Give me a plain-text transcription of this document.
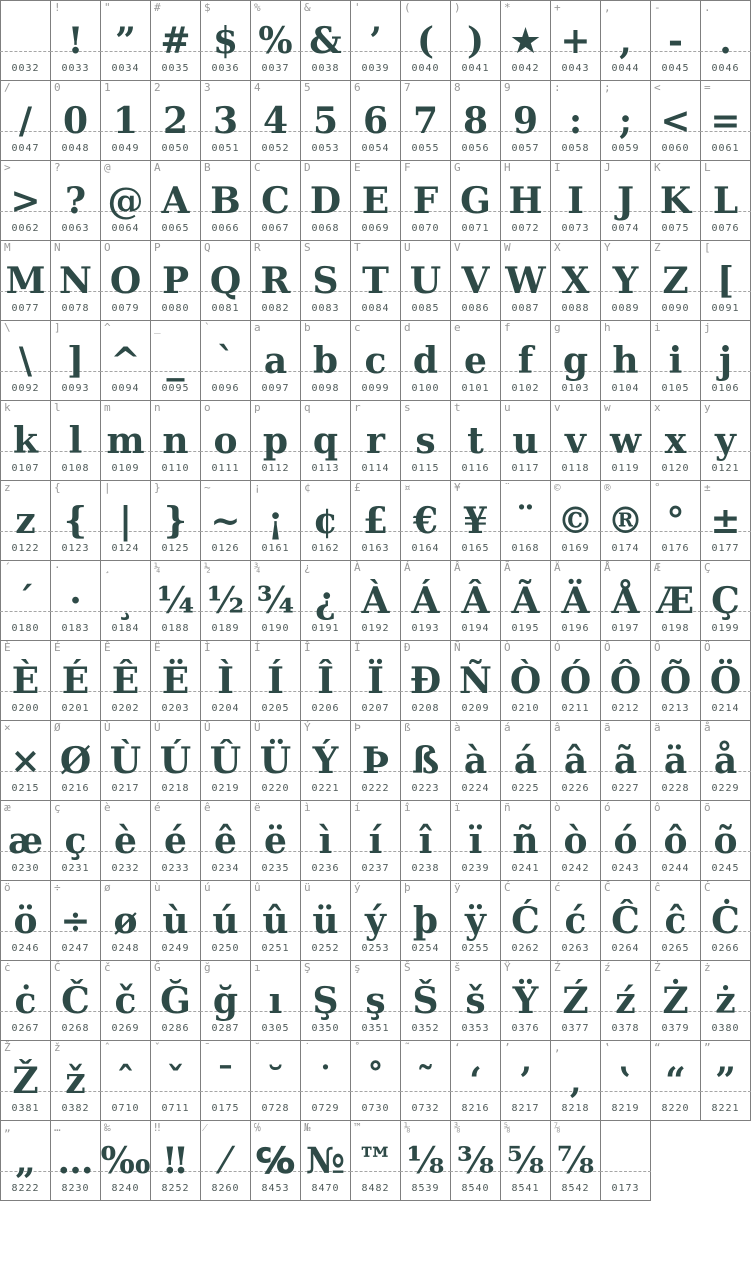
0032
!
!
0033
"
”
0034
#
#
0035
$
$
0036
%
%
0037
&
&
0038
'
’
0039
(
(
0040
)
)
0041
*
★
0042
+
+
0043
,
,
0044
-
-
0045
.
.
0046
/
/
0047
0
0
0048
1
1
0049
2
2
0050
3
3
0051
4
4
0052
5
5
0053
6
6
0054
7
7
0055
8
8
0056
9
9
0057
:
:
0058
;
;
0059
<
<
0060
=
=
0061
>
>
0062
?
?
0063
@
@
0064
A
A
0065
B
B
0066
C
C
0067
D
D
0068
E
E
0069
F
F
0070
G
G
0071
H
H
0072
I
I
0073
J
J
0074
K
K
0075
L
L
0076
M
M
0077
N
N
0078
O
O
0079
P
P
0080
Q
Q
0081
R
R
0082
S
S
0083
T
T
0084
U
U
0085
V
V
0086
W
W
0087
X
X
0088
Y
Y
0089
Z
Z
0090
[
[
0091
\
\
0092
]
]
0093
^
^
0094
_
_
0095
`
`
0096
a
a
0097
b
b
0098
c
c
0099
d
d
0100
e
e
0101
f
f
0102
g
g
0103
h
h
0104
i
i
0105
j
j
0106
k
k
0107
l
l
0108
m
m
0109
n
n
0110
o
o
0111
p
p
0112
q
q
0113
r
r
0114
s
s
0115
t
t
0116
u
u
0117
v
v
0118
w
w
0119
x
x
0120
y
y
0121
z
z
0122
{
{
0123
|
|
0124
}
}
0125
~
~
0126
¡
¡
0161
¢
¢
0162
£
£
0163
¤
€
0164
¥
¥
0165
¨
¨
0168
©
©
0169
®
®
0174
°
°
0176
±
±
0177
´
´
0180
·
·
0183
¸
¸
0184
¼
¼
0188
½
½
0189
¾
¾
0190
¿
¿
0191
À
À
0192
Á
Á
0193
Â
Â
0194
Ã
Ã
0195
Ä
Ä
0196
Å
Å
0197
Æ
Æ
0198
Ç
Ç
0199
È
È
0200
É
É
0201
Ê
Ê
0202
Ë
Ë
0203
Ì
Ì
0204
Í
Í
0205
Î
Î
0206
Ï
Ï
0207
Ð
Ð
0208
Ñ
Ñ
0209
Ò
Ò
0210
Ó
Ó
0211
Ô
Ô
0212
Õ
Õ
0213
Ö
Ö
0214
×
×
0215
Ø
Ø
0216
Ù
Ù
0217
Ú
Ú
0218
Û
Û
0219
Ü
Ü
0220
Ý
Ý
0221
Þ
Þ
0222
ß
ß
0223
à
à
0224
á
á
0225
â
â
0226
ã
ã
0227
ä
ä
0228
å
å
0229
æ
æ
0230
ç
ç
0231
è
è
0232
é
é
0233
ê
ê
0234
ë
ë
0235
ì
ì
0236
í
í
0237
î
î
0238
ï
ï
0239
ñ
ñ
0241
ò
ò
0242
ó
ó
0243
ô
ô
0244
õ
õ
0245
ö
ö
0246
÷
÷
0247
ø
ø
0248
ù
ù
0249
ú
ú
0250
û
û
0251
ü
ü
0252
ý
ý
0253
þ
þ
0254
ÿ
ÿ
0255
Ć
Ć
0262
ć
ć
0263
Ĉ
Ĉ
0264
ĉ
ĉ
0265
Ċ
Ċ
0266
ċ
ċ
0267
Č
Č
0268
č
č
0269
Ğ
Ğ
0286
ğ
ğ
0287
ı
ı
0305
Ş
Ş
0350
ş
ş
0351
Š
Š
0352
š
š
0353
Ÿ
Ÿ
0376
Ź
Ź
0377
ź
ź
0378
Ż
Ż
0379
ż
ż
0380
Ž
Ž
0381
ž
ž
0382
ˆ
ˆ
0710
ˇ
ˇ
0711
¯
¯
0175
˘
˘
0728
˙
˙
0729
˚
˚
0730
˜
˜
0732
‘
‘
8216
’
’
8217
‚
‚
8218
‛
‛
8219
“
“
8220
”
”
8221
„
„
8222
…
…
8230
‰
‰
8240
‼
‼
8252
⁄
⁄
8260
℅
℅
8453
№
№
8470
™
™
8482
⅛
⅛
8539
⅜
⅜
8540
⅝
⅝
8541
⅞
⅞
8542	0173
